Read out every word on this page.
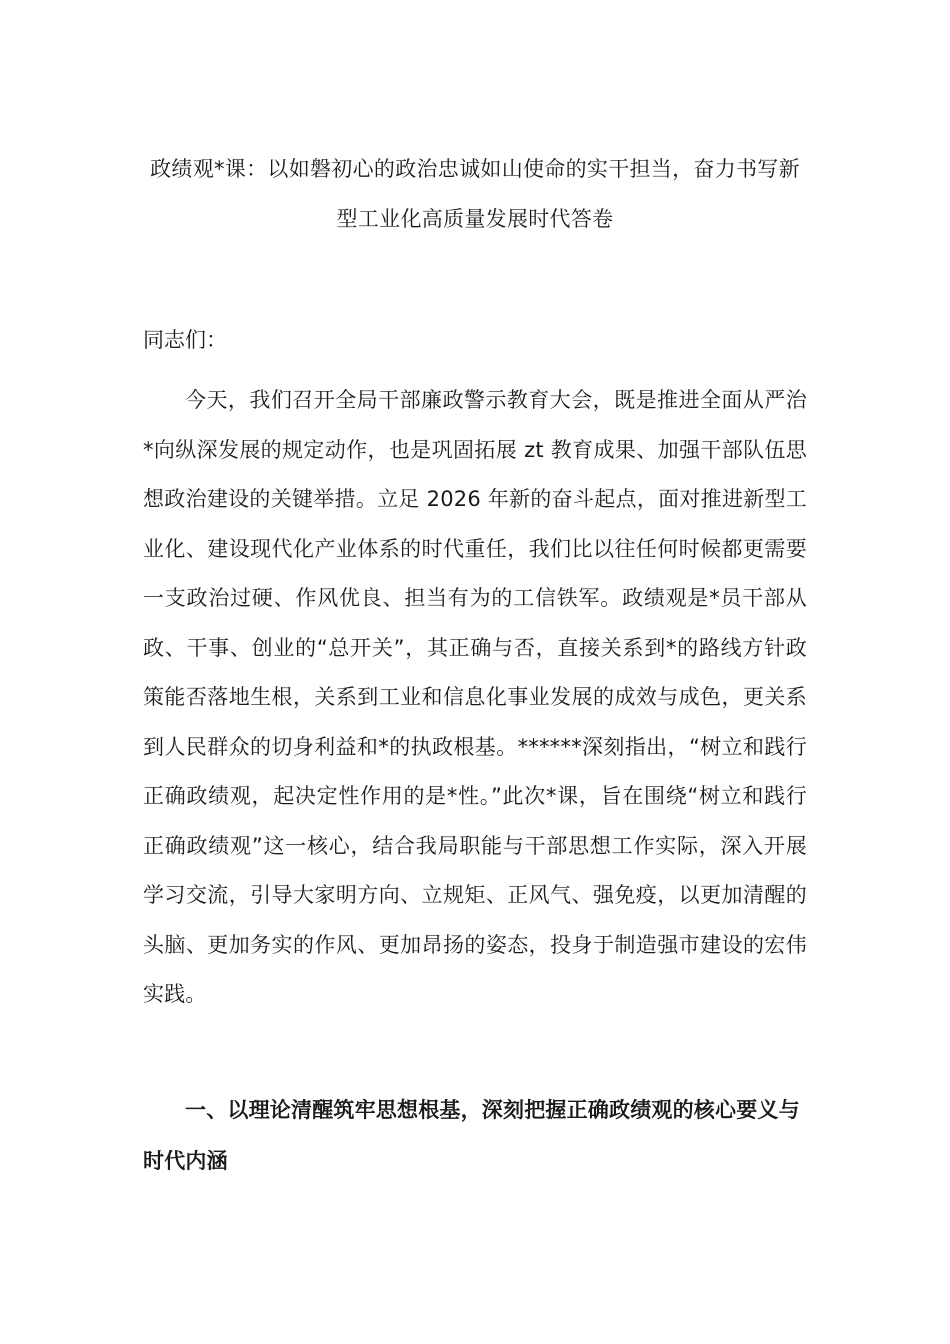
政绩观*课：以如磐初心的政治忠诚如山使命的实干担当，奋力书写新型工业化高质量发展时代答卷

同志们：

今天，我们召开全局干部廉政警示教育大会，既是推进全面从严治*向纵深发展的规定动作，也是巩固拓展 zt 教育成果、加强干部队伍思想政治建设的关键举措。立足 2026 年新的奋斗起点，面对推进新型工业化、建设现代化产业体系的时代重任，我们比以往任何时候都更需要一支政治过硬、作风优良、担当有为的工信铁军。政绩观是*员干部从政、干事、创业的“总开关”，其正确与否，直接关系到*的路线方针政策能否落地生根，关系到工业和信息化事业发展的成效与成色，更关系到人民群众的切身利益和*的执政根基。******深刻指出，“树立和践行正确政绩观，起决定性作用的是*性。”此次*课，旨在围绕“树立和践行正确政绩观”这一核心，结合我局职能与干部思想工作实际，深入开展学习交流，引导大家明方向、立规矩、正风气、强免疫，以更加清醒的头脑、更加务实的作风、更加昂扬的姿态，投身于制造强市建设的宏伟实践。

一、以理论清醒筑牢思想根基，深刻把握正确政绩观的核心要义与时代内涵
